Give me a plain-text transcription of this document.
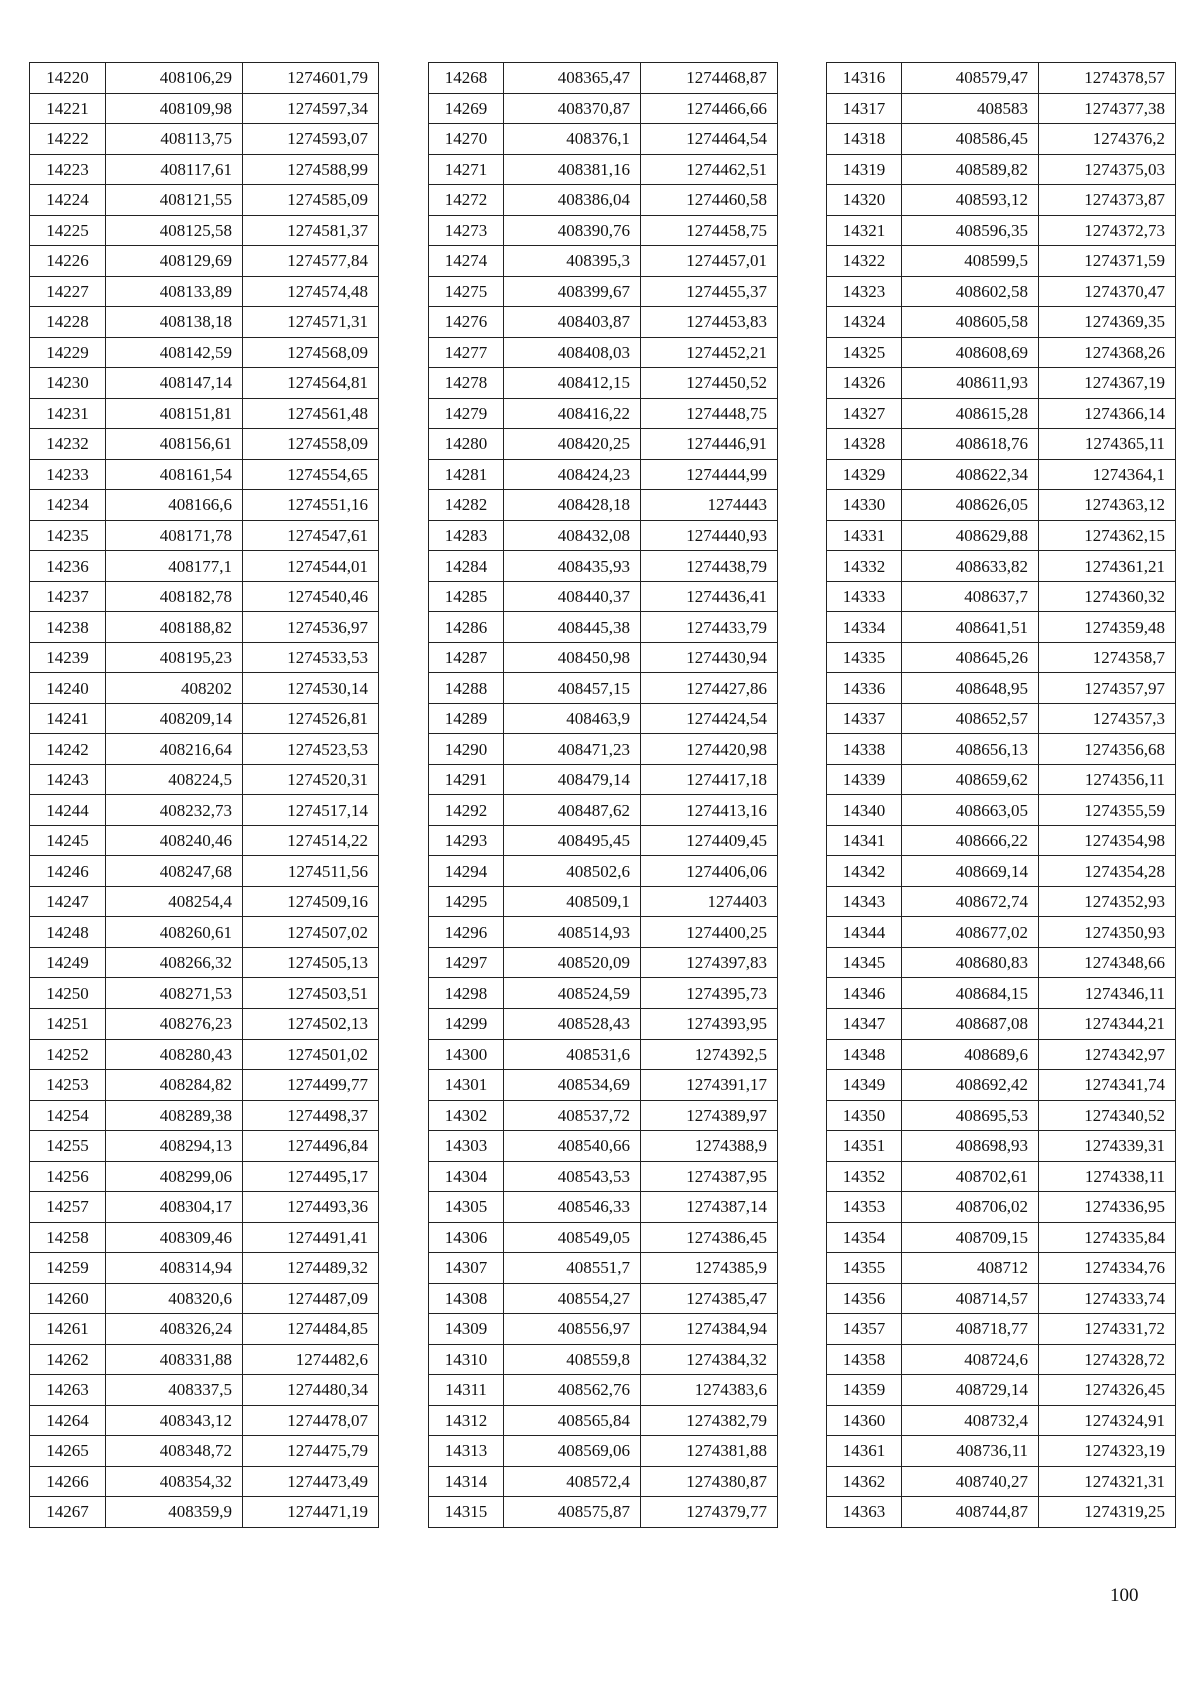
14220	408106,29	1274601,79
14221	408109,98	1274597,34
14222	408113,75	1274593,07
14223	408117,61	1274588,99
14224	408121,55	1274585,09
14225	408125,58	1274581,37
14226	408129,69	1274577,84
14227	408133,89	1274574,48
14228	408138,18	1274571,31
14229	408142,59	1274568,09
14230	408147,14	1274564,81
14231	408151,81	1274561,48
14232	408156,61	1274558,09
14233	408161,54	1274554,65
14234	408166,6	1274551,16
14235	408171,78	1274547,61
14236	408177,1	1274544,01
14237	408182,78	1274540,46
14238	408188,82	1274536,97
14239	408195,23	1274533,53
14240	408202	1274530,14
14241	408209,14	1274526,81
14242	408216,64	1274523,53
14243	408224,5	1274520,31
14244	408232,73	1274517,14
14245	408240,46	1274514,22
14246	408247,68	1274511,56
14247	408254,4	1274509,16
14248	408260,61	1274507,02
14249	408266,32	1274505,13
14250	408271,53	1274503,51
14251	408276,23	1274502,13
14252	408280,43	1274501,02
14253	408284,82	1274499,77
14254	408289,38	1274498,37
14255	408294,13	1274496,84
14256	408299,06	1274495,17
14257	408304,17	1274493,36
14258	408309,46	1274491,41
14259	408314,94	1274489,32
14260	408320,6	1274487,09
14261	408326,24	1274484,85
14262	408331,88	1274482,6
14263	408337,5	1274480,34
14264	408343,12	1274478,07
14265	408348,72	1274475,79
14266	408354,32	1274473,49
14267	408359,9	1274471,19
14268	408365,47	1274468,87
14269	408370,87	1274466,66
14270	408376,1	1274464,54
14271	408381,16	1274462,51
14272	408386,04	1274460,58
14273	408390,76	1274458,75
14274	408395,3	1274457,01
14275	408399,67	1274455,37
14276	408403,87	1274453,83
14277	408408,03	1274452,21
14278	408412,15	1274450,52
14279	408416,22	1274448,75
14280	408420,25	1274446,91
14281	408424,23	1274444,99
14282	408428,18	1274443
14283	408432,08	1274440,93
14284	408435,93	1274438,79
14285	408440,37	1274436,41
14286	408445,38	1274433,79
14287	408450,98	1274430,94
14288	408457,15	1274427,86
14289	408463,9	1274424,54
14290	408471,23	1274420,98
14291	408479,14	1274417,18
14292	408487,62	1274413,16
14293	408495,45	1274409,45
14294	408502,6	1274406,06
14295	408509,1	1274403
14296	408514,93	1274400,25
14297	408520,09	1274397,83
14298	408524,59	1274395,73
14299	408528,43	1274393,95
14300	408531,6	1274392,5
14301	408534,69	1274391,17
14302	408537,72	1274389,97
14303	408540,66	1274388,9
14304	408543,53	1274387,95
14305	408546,33	1274387,14
14306	408549,05	1274386,45
14307	408551,7	1274385,9
14308	408554,27	1274385,47
14309	408556,97	1274384,94
14310	408559,8	1274384,32
14311	408562,76	1274383,6
14312	408565,84	1274382,79
14313	408569,06	1274381,88
14314	408572,4	1274380,87
14315	408575,87	1274379,77
14316	408579,47	1274378,57
14317	408583	1274377,38
14318	408586,45	1274376,2
14319	408589,82	1274375,03
14320	408593,12	1274373,87
14321	408596,35	1274372,73
14322	408599,5	1274371,59
14323	408602,58	1274370,47
14324	408605,58	1274369,35
14325	408608,69	1274368,26
14326	408611,93	1274367,19
14327	408615,28	1274366,14
14328	408618,76	1274365,11
14329	408622,34	1274364,1
14330	408626,05	1274363,12
14331	408629,88	1274362,15
14332	408633,82	1274361,21
14333	408637,7	1274360,32
14334	408641,51	1274359,48
14335	408645,26	1274358,7
14336	408648,95	1274357,97
14337	408652,57	1274357,3
14338	408656,13	1274356,68
14339	408659,62	1274356,11
14340	408663,05	1274355,59
14341	408666,22	1274354,98
14342	408669,14	1274354,28
14343	408672,74	1274352,93
14344	408677,02	1274350,93
14345	408680,83	1274348,66
14346	408684,15	1274346,11
14347	408687,08	1274344,21
14348	408689,6	1274342,97
14349	408692,42	1274341,74
14350	408695,53	1274340,52
14351	408698,93	1274339,31
14352	408702,61	1274338,11
14353	408706,02	1274336,95
14354	408709,15	1274335,84
14355	408712	1274334,76
14356	408714,57	1274333,74
14357	408718,77	1274331,72
14358	408724,6	1274328,72
14359	408729,14	1274326,45
14360	408732,4	1274324,91
14361	408736,11	1274323,19
14362	408740,27	1274321,31
14363	408744,87	1274319,25
100
